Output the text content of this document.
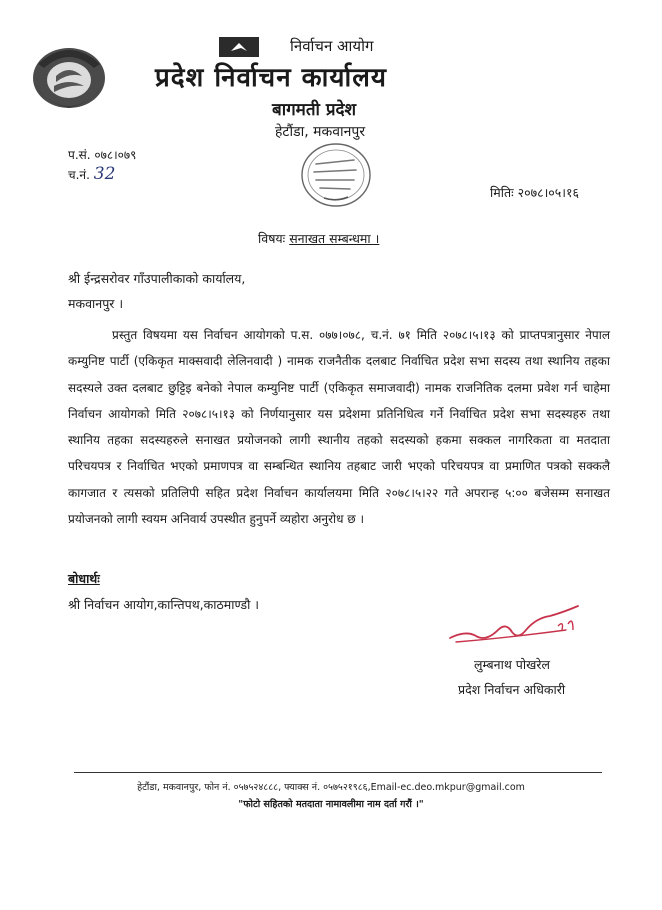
निर्वाचन आयोग
प्रदेश निर्वाचन कार्यालय
बागमती प्रदेश
हेटौंडा, मकवानपुर
प.सं. ०७८।०७९
च.नं. 32
मितिः २०७८।०५।१६
विषयः सनाखत सम्बन्धमा ।
श्री ईन्द्रसरोवर गाँउपालीकाको कार्यालय,
मकवानपुर ।

प्रस्तुत विषयमा यस निर्वाचन आयोगको प.स. ०७७।०७८, च.नं. ७१ मिति २०७८।५।१३ को प्राप्तपत्रानुसार नेपाल कम्युनिष्ट पार्टी (एकिकृत माक्सवादी लेलिनवादी ) नामक राजनैतीक दलबाट निर्वाचित प्रदेश सभा सदस्य तथा स्थानिय तहका सदस्यले उक्त दलबाट छुट्टिइ बनेको नेपाल कम्युनिष्ट पार्टी (एकिकृत समाजवादी) नामक राजनितिक दलमा प्रवेश गर्न चाहेमा निर्वाचन आयोगको मिति २०७८।५।१३ को निर्णयानुसार यस प्रदेशमा प्रतिनिधित्व गर्ने निर्वाचित प्रदेश सभा सदस्यहरु तथा स्थानिय तहका सदस्यहरुले सनाखत प्रयोजनको लागी स्थानीय तहको सदस्यको हकमा सक्कल नागरिकता वा मतदाता परिचयपत्र र निर्वाचित भएको प्रमाणपत्र वा सम्बन्धित स्थानिय तहबाट जारी भएको परिचयपत्र वा प्रमाणित पत्रको सक्कलै कागजात र त्यसको प्रतिलिपी सहित प्रदेश निर्वाचन कार्यालयमा मिति २०७८।५।२२ गते अपरान्ह ५:०० बजेसम्म सनाखत प्रयोजनको लागी स्वयम अनिवार्य उपस्थीत हुनुपर्ने व्यहोरा अनुरोध छ ।

बोधार्थः
श्री निर्वाचन आयोग,कान्तिपथ,काठमाण्डौ ।
लुम्बनाथ पोखरेल
प्रदेश निर्वाचन अधिकारी
हेटौंडा, मकवानपुर, फोन नं. ०५७५२४८८८, फ्याक्स नं. ०५७५२१९८६,Email-ec.deo.mkpur@gmail.com
"फोटो सहितको मतदाता नामावलीमा नाम दर्ता गरौं ।"
